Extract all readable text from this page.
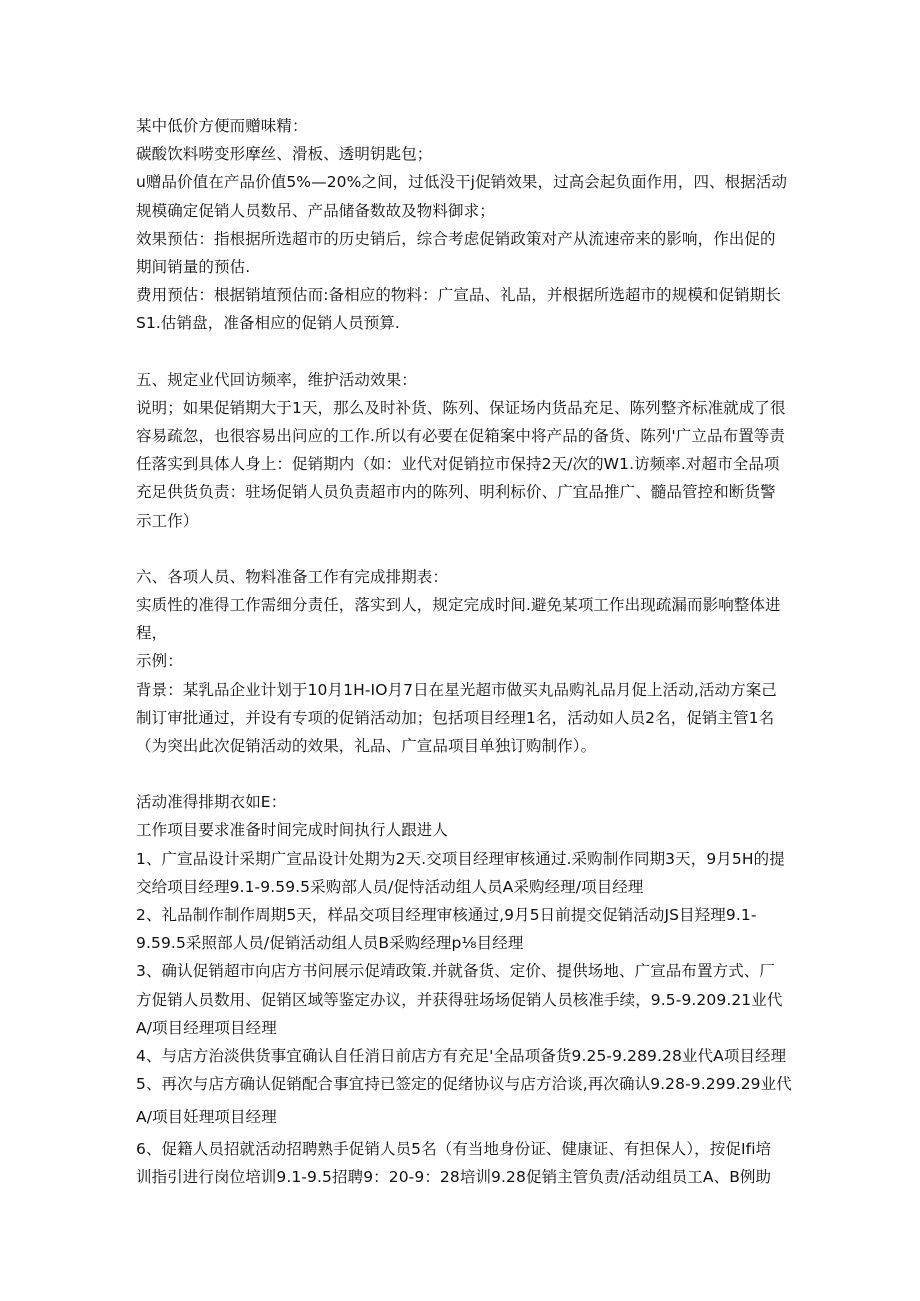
某中低价方便而赠味精：
碳酸饮料唠变形摩丝、滑板、透明钥匙包；
u赠品价值在产品价值5%—20%之间，过低没干j促销效果，过高会起负面作用，四、根据活动
规模确定促销人员数吊、产品储备数故及物料御求；
效果预估：指根据所选超市的历史销后，综合考虑促销政策对产从流速帝来的影响，作出促的
期间销量的预估.
费用预估：根据销埴预估而:备相应的物料：广宣品、礼品，并根据所选超市的规模和促销期长
S1.估销盘，准备相应的促销人员预算.
五、规定业代回访频率，维护活动效果：
说明；如果促销期大于1天，那么及时补货、陈列、保证场内货品充足、陈列整齐标准就成了很
容易疏忽，也很容易出问应的工作.所以有必要在促箱案中将产品的备货、陈列'广立品布置等责
任落实到具体人身上：促销期内（如：业代对促销拉市保持2天/次的W1.访频率.对超市全品项
充足供货负责：驻场促销人员负责超市内的陈列、明利标价、广宜品推广、髓品管控和断货警
示工作）
六、各项人员、物料准备工作有完成排期表：
实质性的准得工作需细分责任，落实到人，规定完成时间.避免某项工作出现疏漏而影响整体进
程，
示例：
背景：某乳品企业计划于10月1H-IO月7日在星光超市做买丸品购礼品月促上活动,活动方案己
制订审批通过，并设有专项的促销活动加；包括项目经理1名，活动如人员2名，促销主管1名
（为突出此次促销活动的效果，礼品、广宣品项目单独订购制作）。
活动准得排期衣如E：
工作项目要求准备时间完成时间执行人跟进人
1、广宣品设计采期广宣品设计处期为2天.交项目经理审核通过.采购制作同期3天，9月5H的提
交给项目经理9.1-9.59.5采购部人员/促恃活动组人员A采购经理/项目经理
2、礼品制作制作周期5天，样品交项目经理审核通过,9月5日前提交促销活动JS目羟理9.1-
9.59.5采照部人员/促销活动组人员B采购经理p⅛目经理
3、确认促销超市向店方书问展示促靖政策.并就备货、定价、提供场地、广宣品布置方式、厂
方促销人员数用、促销区域等鉴定办议，并获得驻场场促销人员核准手续，9.5-9.209.21业代
A/项目经理项目经理
4、与店方治淡供货事宜确认自任消日前店方有充足'全品项备货9.25-9.289.28业代A项目经理
5、再次与店方确认促销配合事宜持已签定的促绪协议与店方洽谈,再次确认9.28-9.299.29业代
A/项目妊理项目经理
6、促籍人员招就活动招聘熟手促销人员5名（有当地身份证、健康证、有担保人），按促Ifi培
训指引进行岗位培训9.1-9.5招聘9：20-9：28培训9.28促销主管负责/活动组员工A、B例助
